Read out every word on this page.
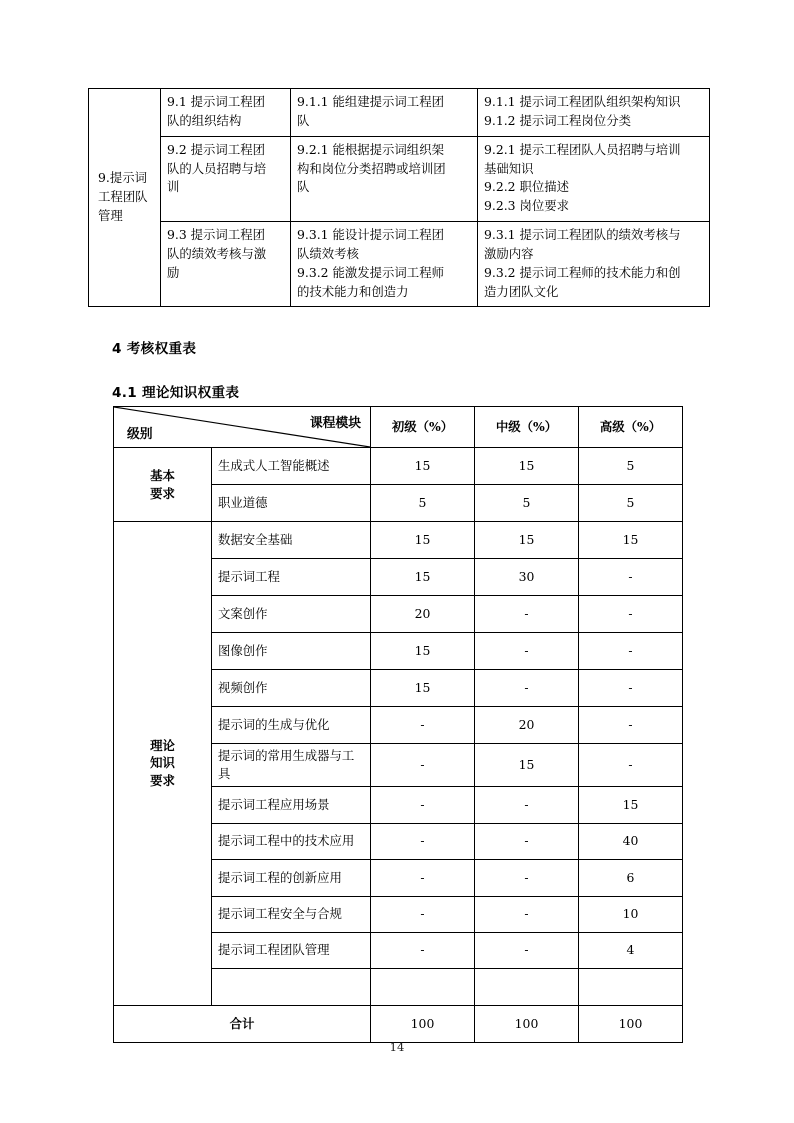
9.提示词工程团队管理	9.1 提示词工程团
队的组织结构	9.1.1 能组建提示词工程团
队	9.1.1 提示词工程团队组织架构知识
9.1.2 提示词工程岗位分类

	9.2 提示词工程团
队的人员招聘与培
训	9.2.1 能根据提示词组织架
构和岗位分类招聘或培训团
队	9.2.1 提示工程团队人员招聘与培训
基础知识
9.2.2 职位描述
9.2.3 岗位要求

	9.3 提示词工程团
队的绩效考核与激
励	9.3.1 能设计提示词工程团
队绩效考核
9.3.2 能激发提示词工程师
的技术能力和创造力	9.3.1 提示词工程团队的绩效考核与
激励内容
9.3.2 提示词工程师的技术能力和创
造力团队文化
4 考核权重表
4.1 理论知识权重表
级别
课程模块		初级（%）	中级（%）	高级（%）

基本
要求	生成式人工智能概述	15	15	5
	职业道德	5	5	5

理论
知识
要求	数据安全基础	15	15	15
	提示词工程	15	30	-
	文案创作	20	-	-
	图像创作	15	-	-
	视频创作	15	-	-
	提示词的生成与优化	-	20	-
	提示词的常用生成器与工具	-	15	-
	提示词工程应用场景	-	-	15
	提示词工程中的技术应用	-	-	40
	提示词工程的创新应用	-	-	6
	提示词工程安全与合规	-	-	10
	提示词工程团队管理	-	-	4

合计		100	100	100
14
